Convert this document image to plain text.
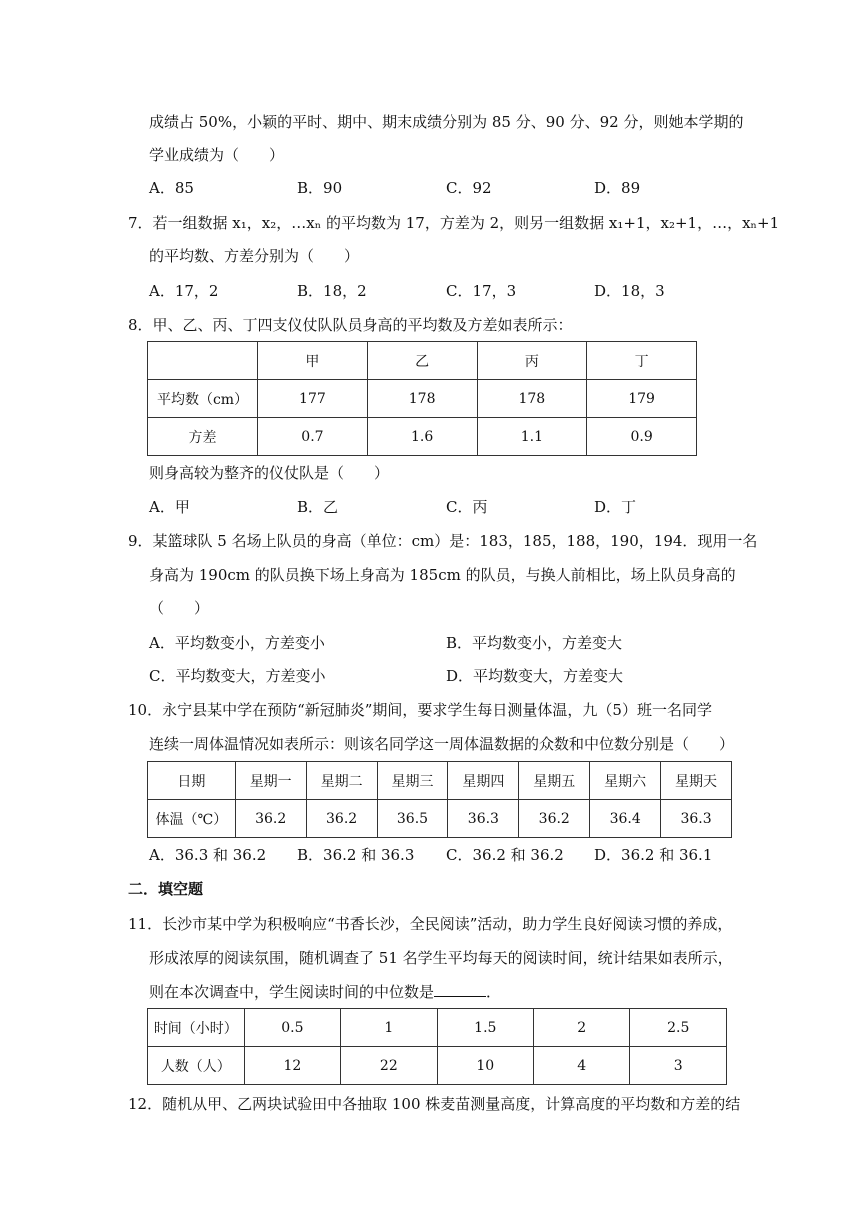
成绩占 50%，小颖的平时、期中、期末成绩分别为 85 分、90 分、92 分，则她本学期的
学业成绩为（　　）
A．85	B．90	C．92	D．89
7．若一组数据 x₁，x₂，…xₙ 的平均数为 17，方差为 2，则另一组数据 x₁+1，x₂+1，…，xₙ+1
的平均数、方差分别为（　　）
A．17，2	B．18，2	C．17，3	D．18，3
8．甲、乙、丙、丁四支仪仗队队员身高的平均数及方差如表所示：
	甲	乙	丙	丁
平均数（cm）	177	178	178	179
方差	0.7	1.6	1.1	0.9
则身高较为整齐的仪仗队是（　　）
A．甲	B．乙	C．丙	D．丁
9．某篮球队 5 名场上队员的身高（单位：cm）是：183，185，188，190，194．现用一名
身高为 190cm 的队员换下场上身高为 185cm 的队员，与换人前相比，场上队员身高的
（　　）
A．平均数变小，方差变小	B．平均数变小，方差变大
C．平均数变大，方差变小	D．平均数变大，方差变大
10．永宁县某中学在预防“新冠肺炎”期间，要求学生每日测量体温，九（5）班一名同学
连续一周体温情况如表所示：则该名同学这一周体温数据的众数和中位数分别是（　　）
日期	星期一	星期二	星期三	星期四	星期五	星期六	星期天
体温（℃）	36.2	36.2	36.5	36.3	36.2	36.4	36.3
A．36.3 和 36.2 B．36.2 和 36.3 C．36.2 和 36.2 D．36.2 和 36.1
二．填空题
11．长沙市某中学为积极响应“书香长沙，全民阅读”活动，助力学生良好阅读习惯的养成，
形成浓厚的阅读氛围，随机调查了 51 名学生平均每天的阅读时间，统计结果如表所示，
则在本次调查中，学生阅读时间的中位数是	．
时间（小时）	0.5	1	1.5	2	2.5
人数（人）	12	22	10	4	3
12．随机从甲、乙两块试验田中各抽取 100 株麦苗测量高度，计算高度的平均数和方差的结
